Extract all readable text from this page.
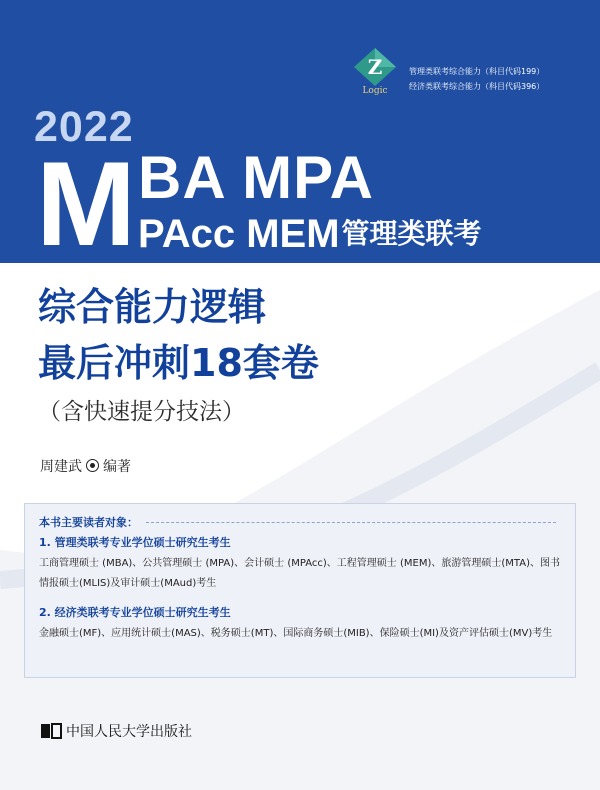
Z
Logic
管理类联考综合能力（科目代码199）
经济类联考综合能力（科目代码396）
2022
M BA MPA
PAcc MEM管理类联考
综合能力逻辑
最后冲刺18套卷
（含快速提分技法）
周建武 编著
本书主要读者对象：
1. 管理类联考专业学位硕士研究生考生
工商管理硕士 (MBA)、公共管理硕士 (MPA)、会计硕士 (MPAcc)、工程管理硕士 (MEM)、旅游管理硕士(MTA)、图书情报硕士(MLIS)及审计硕士(MAud)考生
2. 经济类联考专业学位硕士研究生考生
金融硕士(MF)、应用统计硕士(MAS)、税务硕士(MT)、国际商务硕士(MIB)、保险硕士(MI)及资产评估硕士(MV)考生
中国人民大学出版社
